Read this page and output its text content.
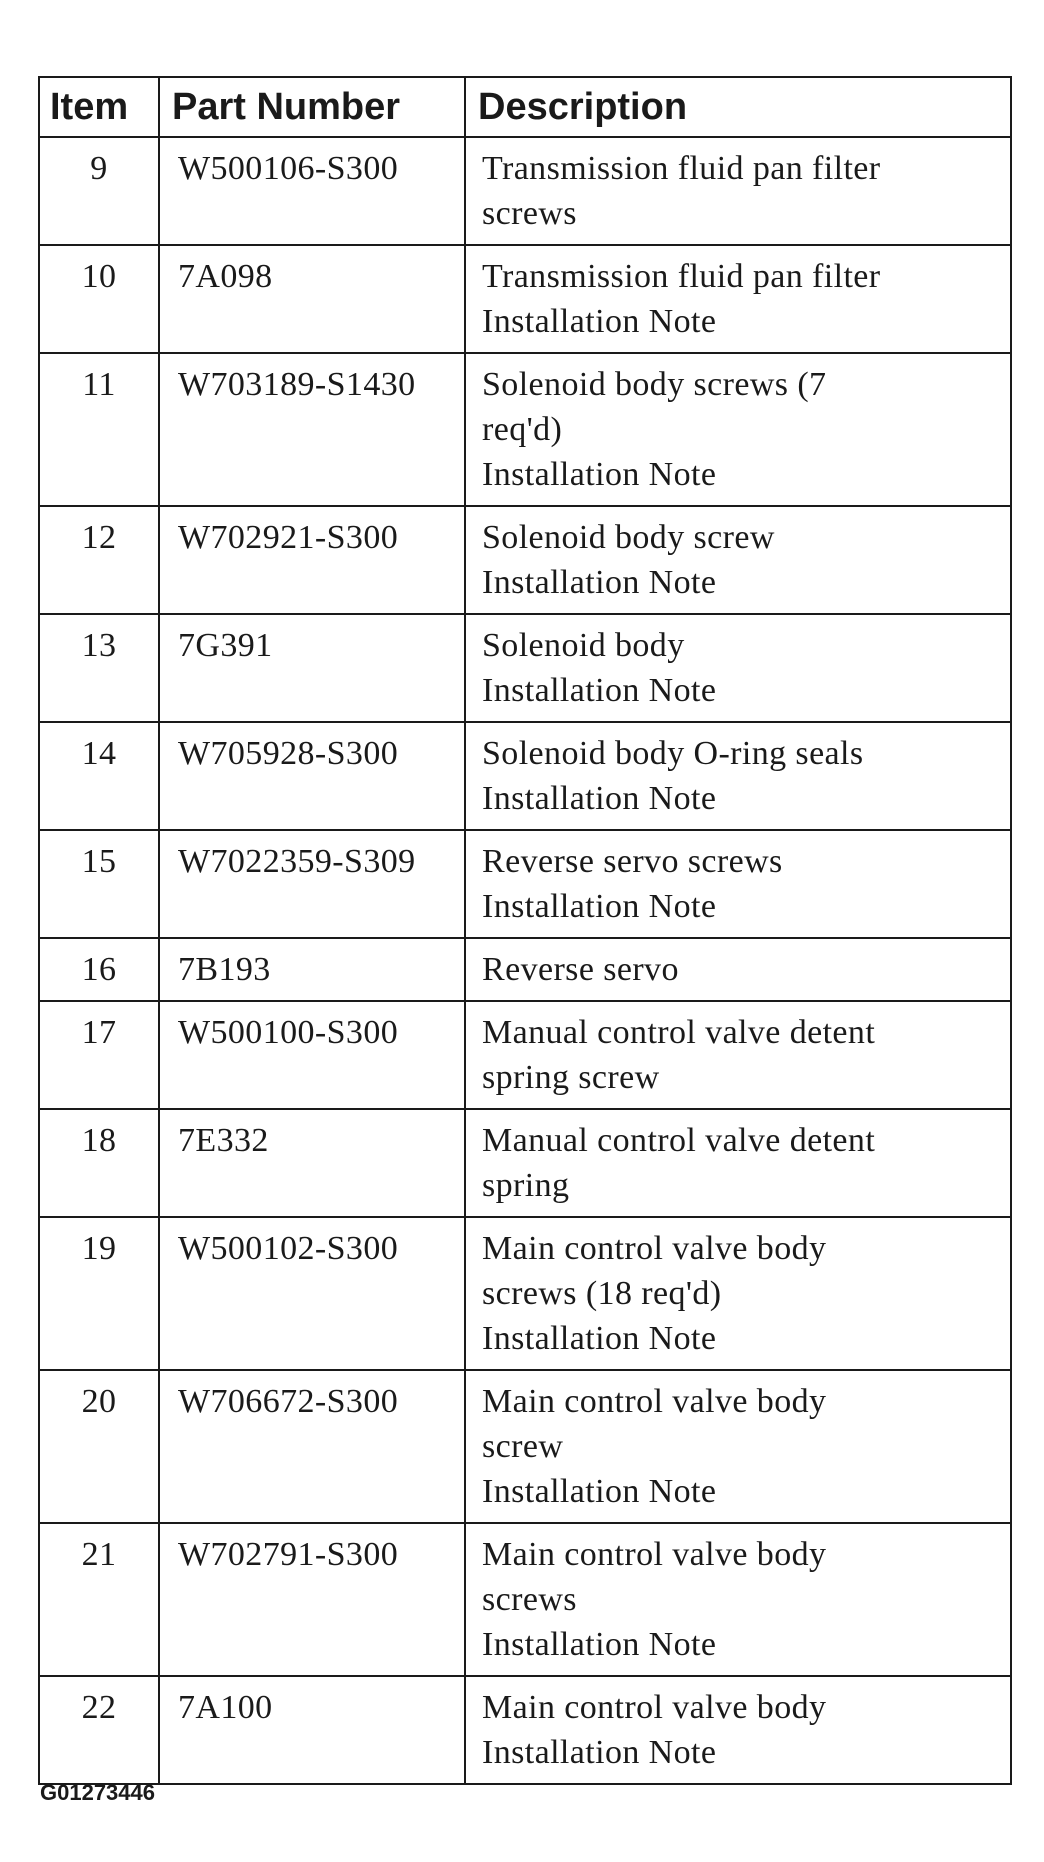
Item	Part Number	Description
9	W500106-S300	Transmission fluid pan filter
screws

10	7A098	Transmission fluid pan filter
Installation Note

11	W703189-S1430	Solenoid body screws (7
req'd)
Installation Note

12	W702921-S300	Solenoid body screw
Installation Note

13	7G391	Solenoid body
Installation Note

14	W705928-S300	Solenoid body O-ring seals
Installation Note

15	W7022359-S309	Reverse servo screws
Installation Note

16	7B193	Reverse servo

17	W500100-S300	Manual control valve detent
spring screw

18	7E332	Manual control valve detent
spring

19	W500102-S300	Main control valve body
screws (18 req'd)
Installation Note

20	W706672-S300	Main control valve body
screw
Installation Note

21	W702791-S300	Main control valve body
screws
Installation Note

22	7A100	Main control valve body
Installation Note
G01273446
